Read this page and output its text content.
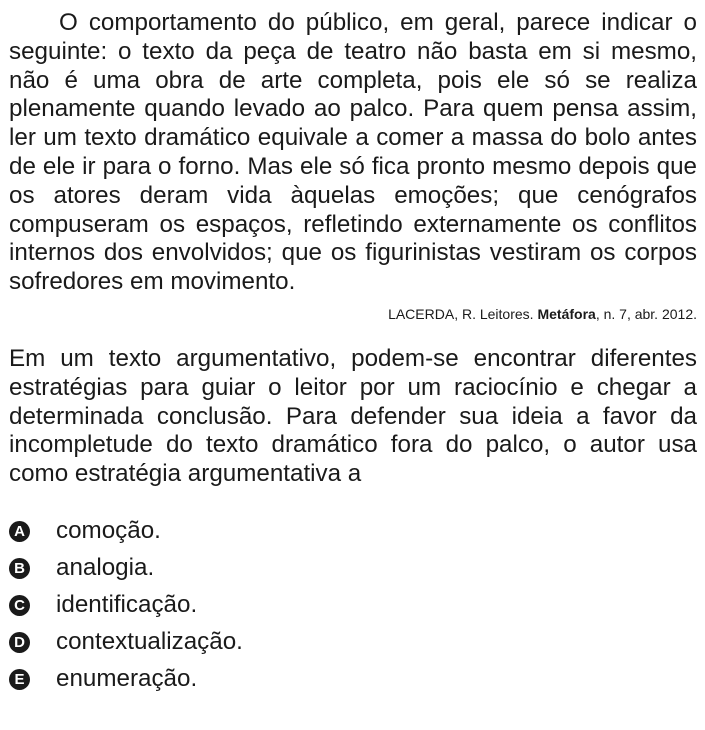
O comportamento do público, em geral, parece indicar o seguinte: o texto da peça de teatro não basta em si mesmo, não é uma obra de arte completa, pois ele só se realiza plenamente quando levado ao palco. Para quem pensa assim, ler um texto dramático equivale a comer a massa do bolo antes de ele ir para o forno. Mas ele só fica pronto mesmo depois que os atores deram vida àquelas emoções; que cenógrafos compuseram os espaços, refletindo externamente os conflitos internos dos envolvidos; que os figurinistas vestiram os corpos sofredores em movimento.

LACERDA, R. Leitores. Metáfora, n. 7, abr. 2012.

Em um texto argumentativo, podem-se encontrar diferentes estratégias para guiar o leitor por um raciocínio e chegar a determinada conclusão. Para defender sua ideia a favor da incompletude do texto dramático fora do palco, o autor usa como estratégia argumentativa a

A comoção.
B analogia.
C identificação.
D contextualização.
E enumeração.
